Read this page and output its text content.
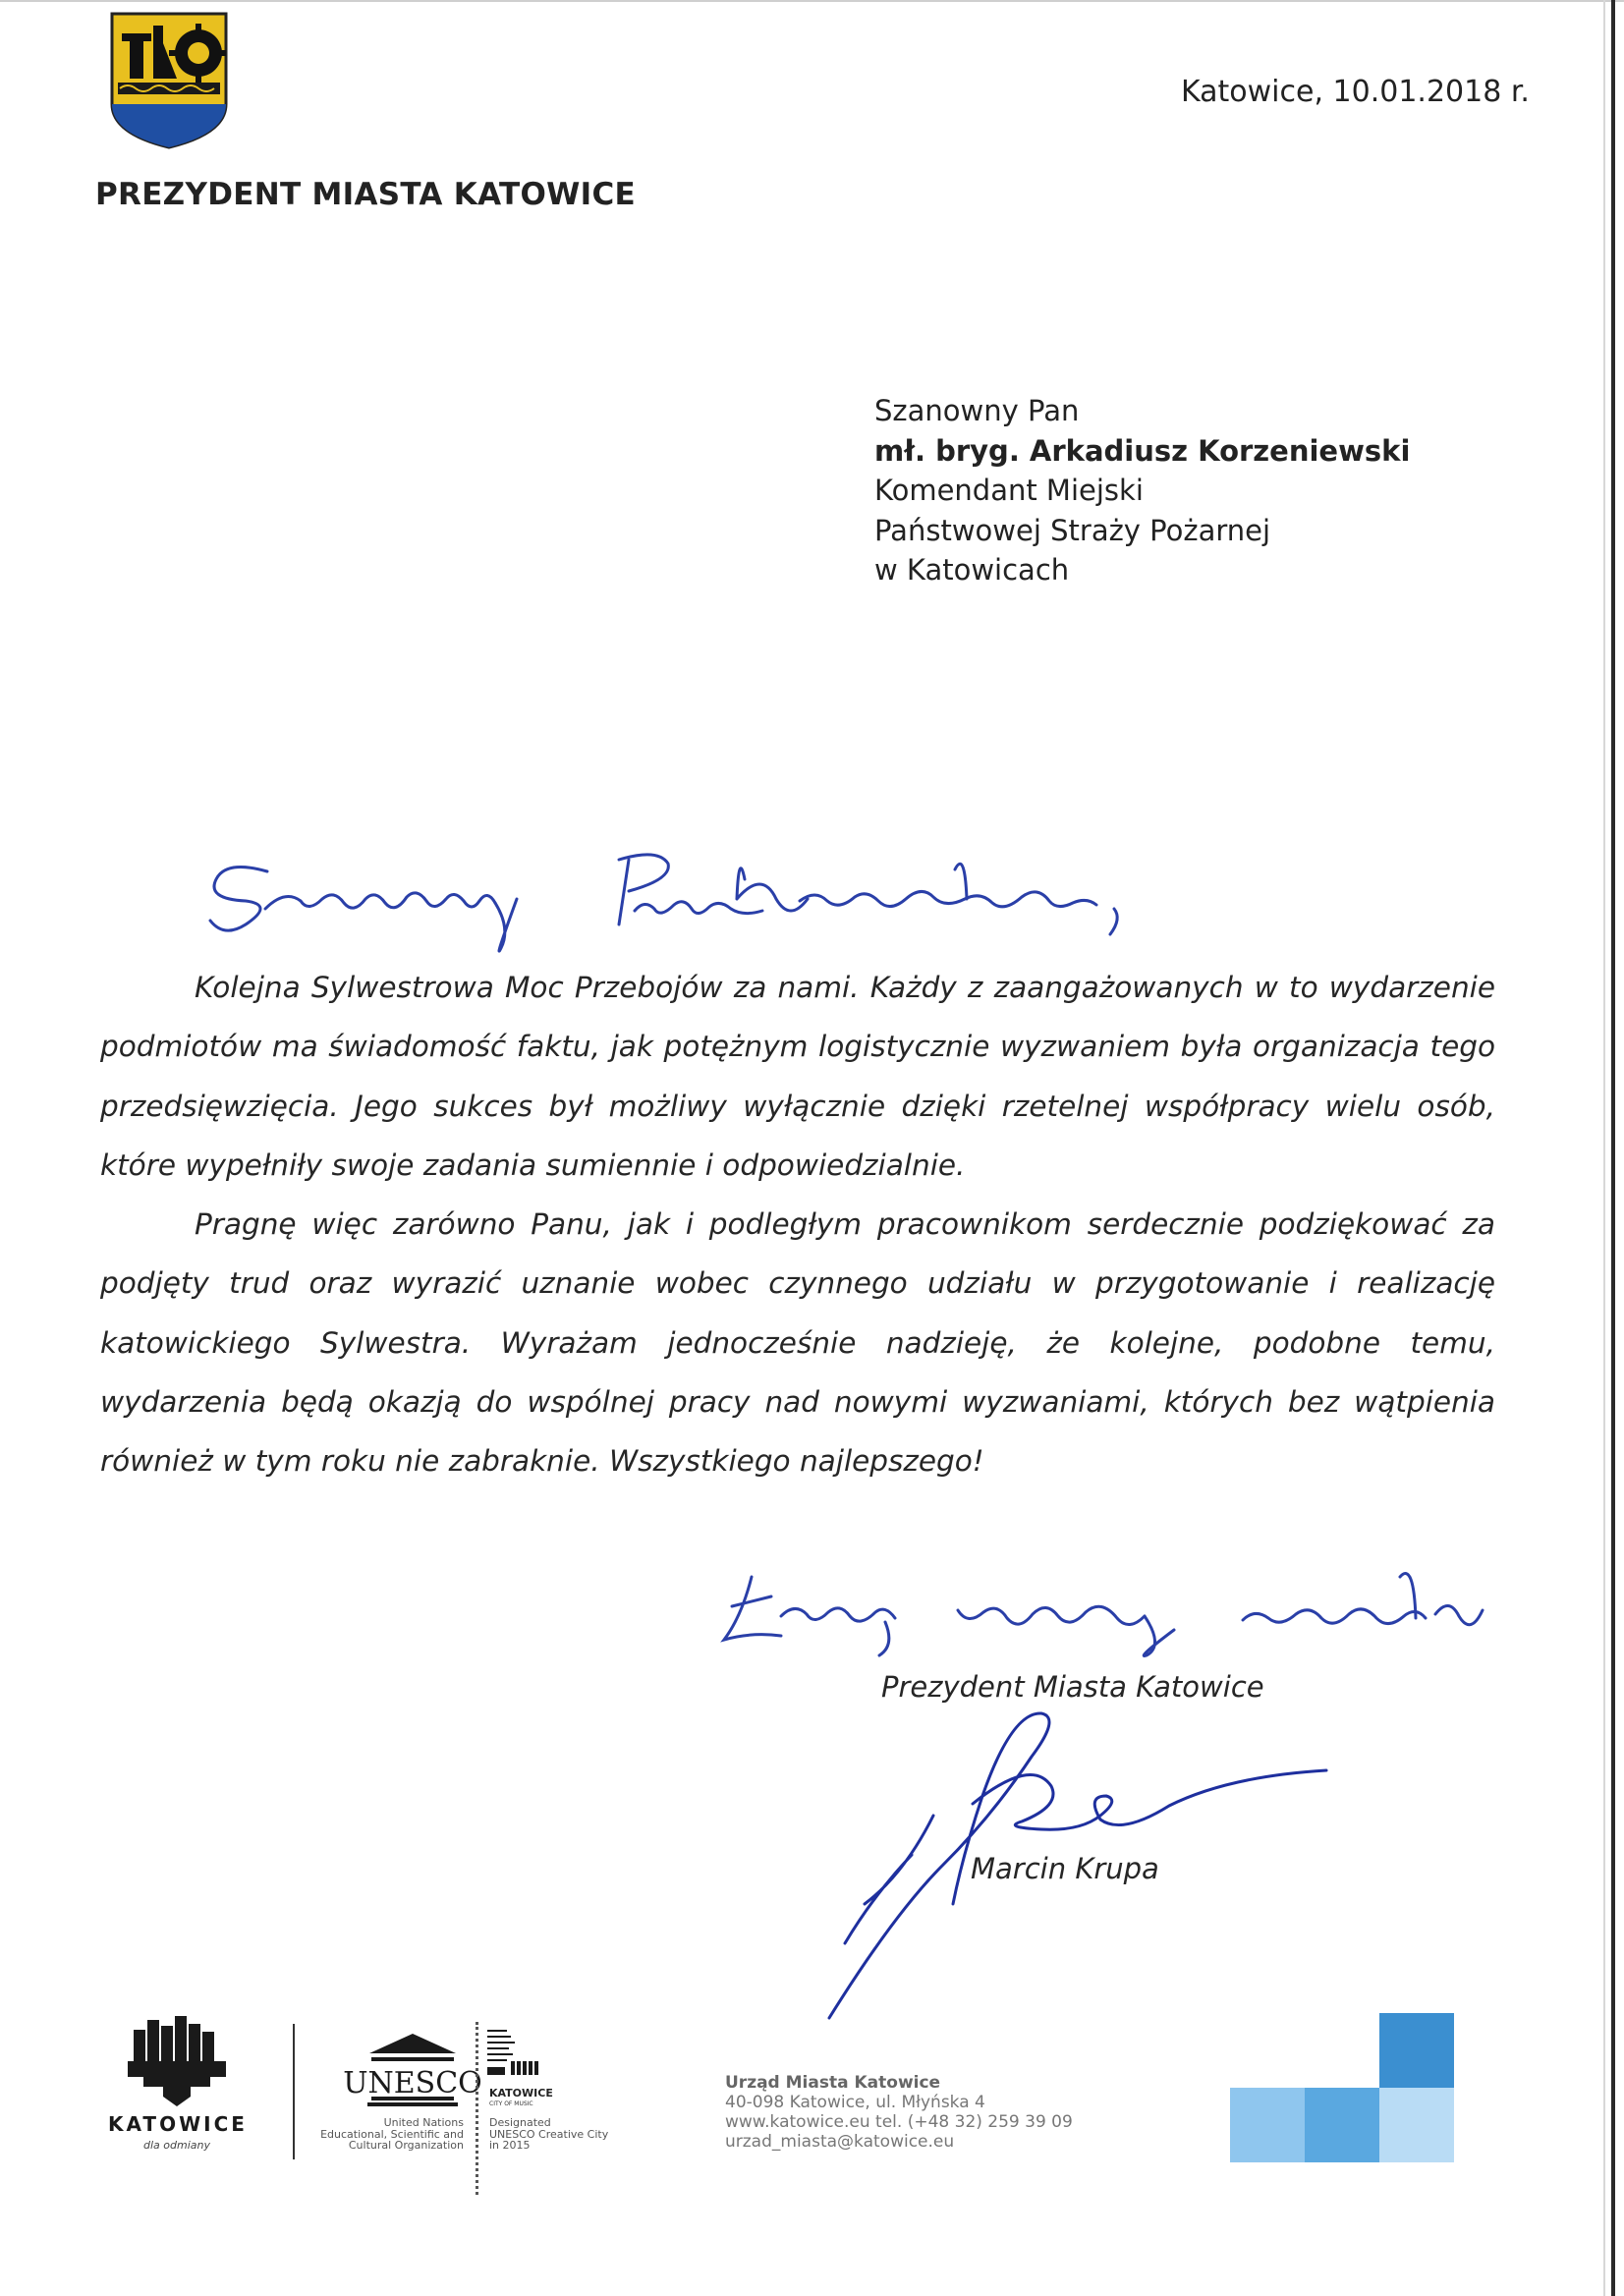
PREZYDENT MIASTA KATOWICE
Katowice, 10.01.2018 r.
Szanowny Pan
mł. bryg. Arkadiusz Korzeniewski
Komendant Miejski
Państwowej Straży Pożarnej
w Katowicach

Kolejna Sylwestrowa Moc Przebojów za nami. Każdy z zaangażowanych w to wydarzenie podmiotów ma świadomość faktu, jak potężnym logistycznie wyzwaniem była organizacja tego przedsięwzięcia. Jego sukces był możliwy wyłącznie dzięki rzetelnej współpracy wielu osób, które wypełniły swoje zadania sumiennie i odpowiedzialnie.

Pragnę więc zarówno Panu, jak i podległym pracownikom serdecznie podziękować za podjęty trud oraz wyrazić uznanie wobec czynnego udziału w przygotowanie i realizację katowickiego Sylwestra. Wyrażam jednocześnie nadzieję, że kolejne, podobne temu, wydarzenia będą okazją do wspólnej pracy nad nowymi wyzwaniami, których bez wątpienia również w tym roku nie zabraknie. Wszystkiego najlepszego!

Prezydent Miasta Katowice
Marcin Krupa
KATOWICE
dla odmiany
UNESCO
United Nations
Educational, Scientific and
Cultural Organization
KATOWICE
CITY OF MUSIC
Designated
UNESCO Creative City
in 2015
Urząd Miasta Katowice
40-098 Katowice, ul. Młyńska 4
www.katowice.eu tel. (+48 32) 259 39 09
urzad_miasta@katowice.eu
